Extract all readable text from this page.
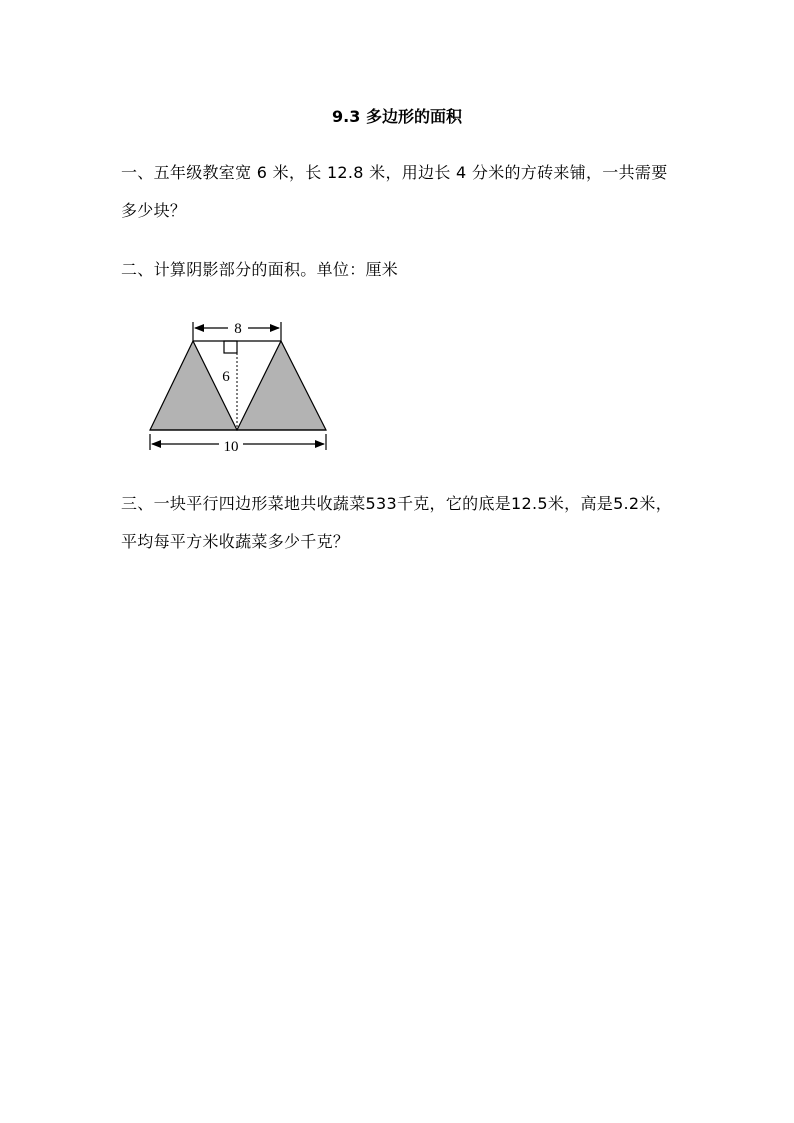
9.3 多边形的面积
一、五年级教室宽 6 米，长 12.8 米，用边长 4 分米的方砖来铺，一共需要多少块？
二、计算阴影部分的面积。单位：厘米
8
6
10
三、一块平行四边形菜地共收蔬菜533千克，它的底是12.5米，高是5.2米，平均每平方米收蔬菜多少千克？
